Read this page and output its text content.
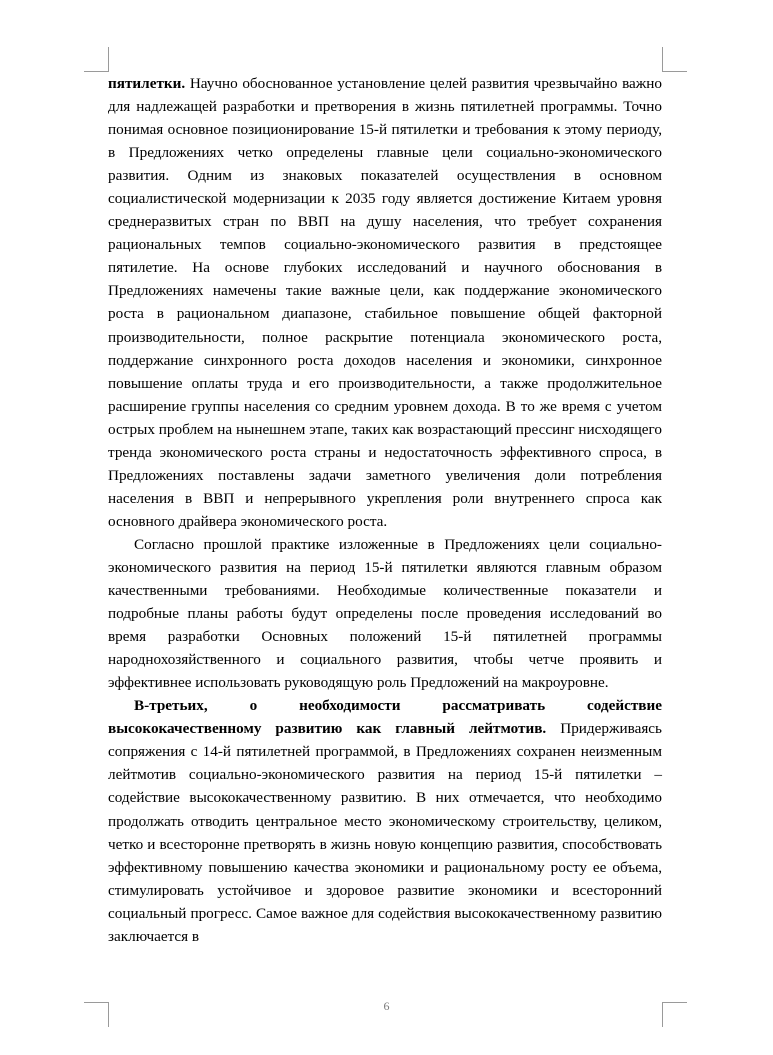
пятилетки. Научно обоснованное установление целей развития чрезвычайно важно для надлежащей разработки и претворения в жизнь пятилетней программы. Точно понимая основное позиционирование 15-й пятилетки и требования к этому периоду, в Предложениях четко определены главные цели социально-экономического развития. Одним из знаковых показателей осуществления в основном социалистической модернизации к 2035 году является достижение Китаем уровня среднеразвитых стран по ВВП на душу населения, что требует сохранения рациональных темпов социально-экономического развития в предстоящее пятилетие. На основе глубоких исследований и научного обоснования в Предложениях намечены такие важные цели, как поддержание экономического роста в рациональном диапазоне, стабильное повышение общей факторной производительности, полное раскрытие потенциала экономического роста, поддержание синхронного роста доходов населения и экономики, синхронное повышение оплаты труда и его производительности, а также продолжительное расширение группы населения со средним уровнем дохода. В то же время с учетом острых проблем на нынешнем этапе, таких как возрастающий прессинг нисходящего тренда экономического роста страны и недостаточность эффективного спроса, в Предложениях поставлены задачи заметного увеличения доли потребления населения в ВВП и непрерывного укрепления роли внутреннего спроса как основного драйвера экономического роста.

Согласно прошлой практике изложенные в Предложениях цели социально-экономического развития на период 15-й пятилетки являются главным образом качественными требованиями. Необходимые количественные показатели и подробные планы работы будут определены после проведения исследований во время разработки Основных положений 15-й пятилетней программы народнохозяйственного и социального развития, чтобы четче проявить и эффективнее использовать руководящую роль Предложений на макроуровне.

В-третьих, о необходимости рассматривать содействие высококачественному развитию как главный лейтмотив. Придерживаясь сопряжения с 14-й пятилетней программой, в Предложениях сохранен неизменным лейтмотив социально-экономического развития на период 15-й пятилетки – содействие высококачественному развитию. В них отмечается, что необходимо продолжать отводить центральное место экономическому строительству, целиком, четко и всесторонне претворять в жизнь новую концепцию развития, способствовать эффективному повышению качества экономики и рациональному росту ее объема, стимулировать устойчивое и здоровое развитие экономики и всесторонний социальный прогресс. Самое важное для содействия высококачественному развитию заключается в

6
